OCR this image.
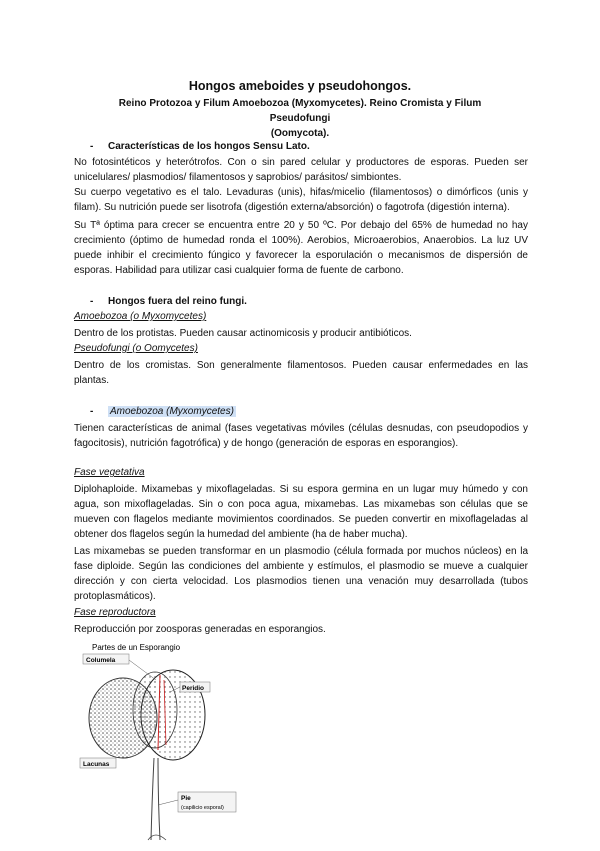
Hongos ameboides y pseudohongos.
Reino Protozoa y Filum Amoebozoa (Myxomycetes). Reino Cromista y Filum Pseudofungi
(Oomycota).
- Características de los hongos Sensu Lato.

No fotosintéticos y heterótrofos. Con o sin pared celular y productores de esporas. Pueden ser unicelulares/ plasmodios/ filamentosos y saprobios/ parásitos/ simbiontes.

Su cuerpo vegetativo es el talo. Levaduras (unis), hifas/micelio (filamentosos) o dimórficos (unis y filam). Su nutrición puede ser lisotrofa (digestión externa/absorción) o fagotrofa (digestión interna).

Su Tª óptima para crecer se encuentra entre 20 y 50 ºC. Por debajo del 65% de humedad no hay crecimiento (óptimo de humedad ronda el 100%). Aerobios, Microaerobios, Anaerobios. La luz UV puede inhibir el crecimiento fúngico y favorecer la esporulación o mecanismos de dispersión de esporas. Habilidad para utilizar casi cualquier forma de fuente de carbono.

- Hongos fuera del reino fungi.
Amoebozoa (o Myxomycetes)

Dentro de los protistas. Pueden causar actinomicosis y producir antibióticos.

Pseudofungi (o Oomycetes)

Dentro de los cromistas. Son generalmente filamentosos. Pueden causar enfermedades en las plantas.

- Amoebozoa (Myxomycetes)

Tienen características de animal (fases vegetativas móviles (células desnudas, con pseudopodios y fagocitosis), nutrición fagotrófica) y de hongo (generación de esporas en esporangios).

Fase vegetativa

Diplohaploide. Mixamebas y mixoflageladas. Si su espora germina en un lugar muy húmedo y con agua, son mixoflageladas. Sin o con poca agua, mixamebas. Las mixamebas son células que se mueven con flagelos mediante movimientos coordinados. Se pueden convertir en mixoflageladas al obtener dos flagelos según la humedad del ambiente (ha de haber mucha).

Las mixamebas se pueden transformar en un plasmodio (célula formada por muchos núcleos) en la fase diploide. Según las condiciones del ambiente y estímulos, el plasmodio se mueve a cualquier dirección y con cierta velocidad. Los plasmodios tienen una venación muy desarrollada (tubos protoplasmáticos).

Fase reproductora

Reproducción por zoosporas generadas en esporangios.

Partes de un Esporangio
Columela
Peridio
Lacunas
Pie
(capilicio esporal)
